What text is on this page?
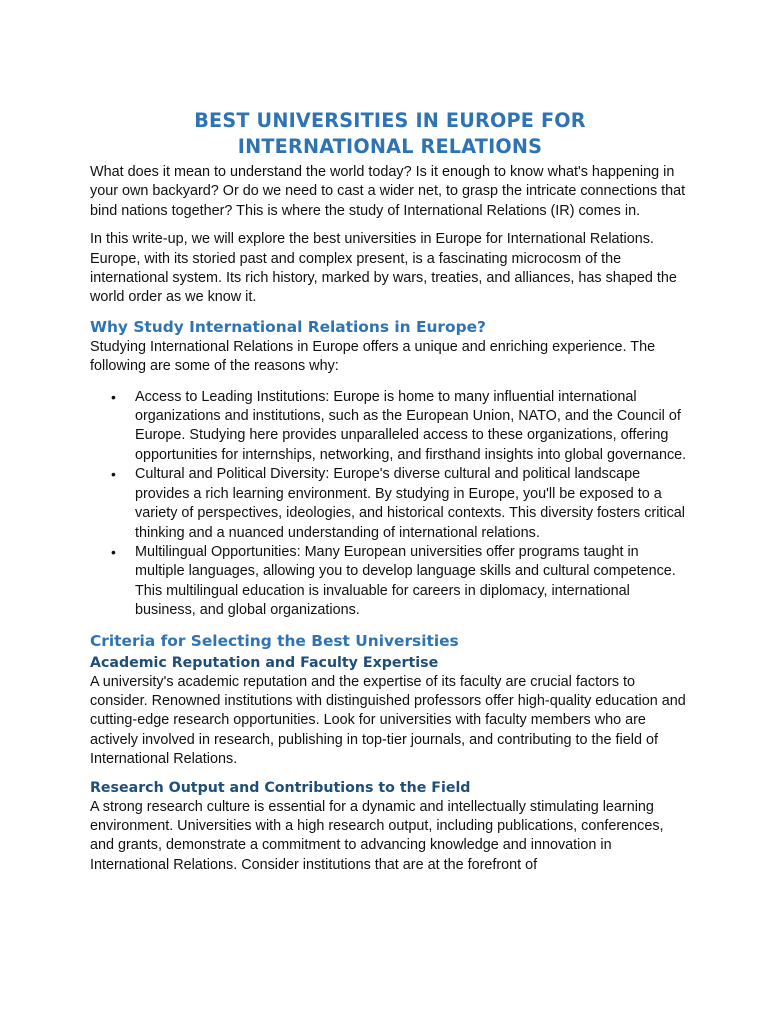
BEST UNIVERSITIES IN EUROPE FOR
INTERNATIONAL RELATIONS

What does it mean to understand the world today? Is it enough to know what's happening in your own backyard? Or do we need to cast a wider net, to grasp the intricate connections that bind nations together? This is where the study of International Relations (IR) comes in.

In this write-up, we will explore the best universities in Europe for International Relations. Europe, with its storied past and complex present, is a fascinating microcosm of the international system. Its rich history, marked by wars, treaties, and alliances, has shaped the world order as we know it.

Why Study International Relations in Europe?

Studying International Relations in Europe offers a unique and enriching experience. The following are some of the reasons why:

• Access to Leading Institutions: Europe is home to many influential international organizations and institutions, such as the European Union, NATO, and the Council of Europe. Studying here provides unparalleled access to these organizations, offering opportunities for internships, networking, and firsthand insights into global governance.
• Cultural and Political Diversity: Europe's diverse cultural and political landscape provides a rich learning environment. By studying in Europe, you'll be exposed to a variety of perspectives, ideologies, and historical contexts. This diversity fosters critical thinking and a nuanced understanding of international relations.
• Multilingual Opportunities: Many European universities offer programs taught in multiple languages, allowing you to develop language skills and cultural competence. This multilingual education is invaluable for careers in diplomacy, international business, and global organizations.
Criteria for Selecting the Best Universities
Academic Reputation and Faculty Expertise

A university's academic reputation and the expertise of its faculty are crucial factors to consider. Renowned institutions with distinguished professors offer high-quality education and cutting-edge research opportunities. Look for universities with faculty members who are actively involved in research, publishing in top-tier journals, and contributing to the field of International Relations.

Research Output and Contributions to the Field

A strong research culture is essential for a dynamic and intellectually stimulating learning environment. Universities with a high research output, including publications, conferences, and grants, demonstrate a commitment to advancing knowledge and innovation in International Relations. Consider institutions that are at the forefront of
